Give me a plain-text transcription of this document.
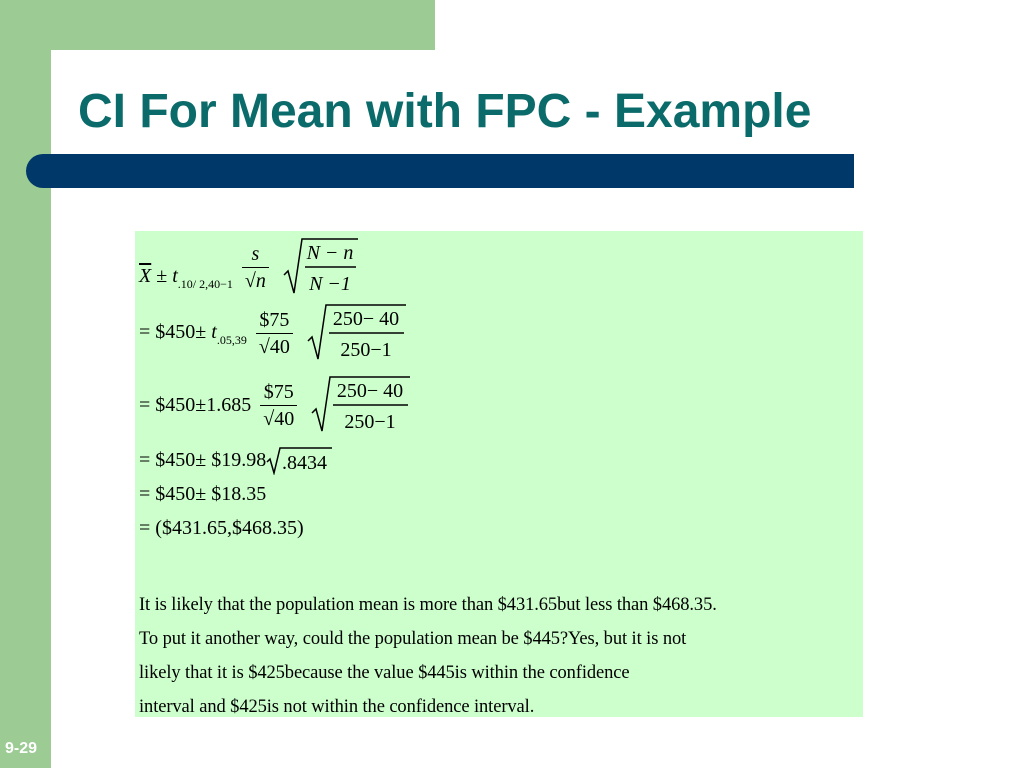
CI For Mean with FPC - Example
9-29
$\overline{X} \pm t_{.10/ 2,40-1} \frac{s}{√n}$
N − n
N −1
= $450± $t_{.05,39} \frac{\$75}{√40}$
250− 40
250−1
= $450±1.685 $\frac{\$75}{√40}$
250− 40
250−1
= $450± $19.98 .8434
= $450± $18.35
= ($431.65,$468.35)
It is likely that the population mean is more than $431.65but less than $468.35.
To put it another way, could the population mean be $445?Yes, but it is not
likely that it is $425because the value $445is within the confidence
interval and $425is not within the confidence interval.
